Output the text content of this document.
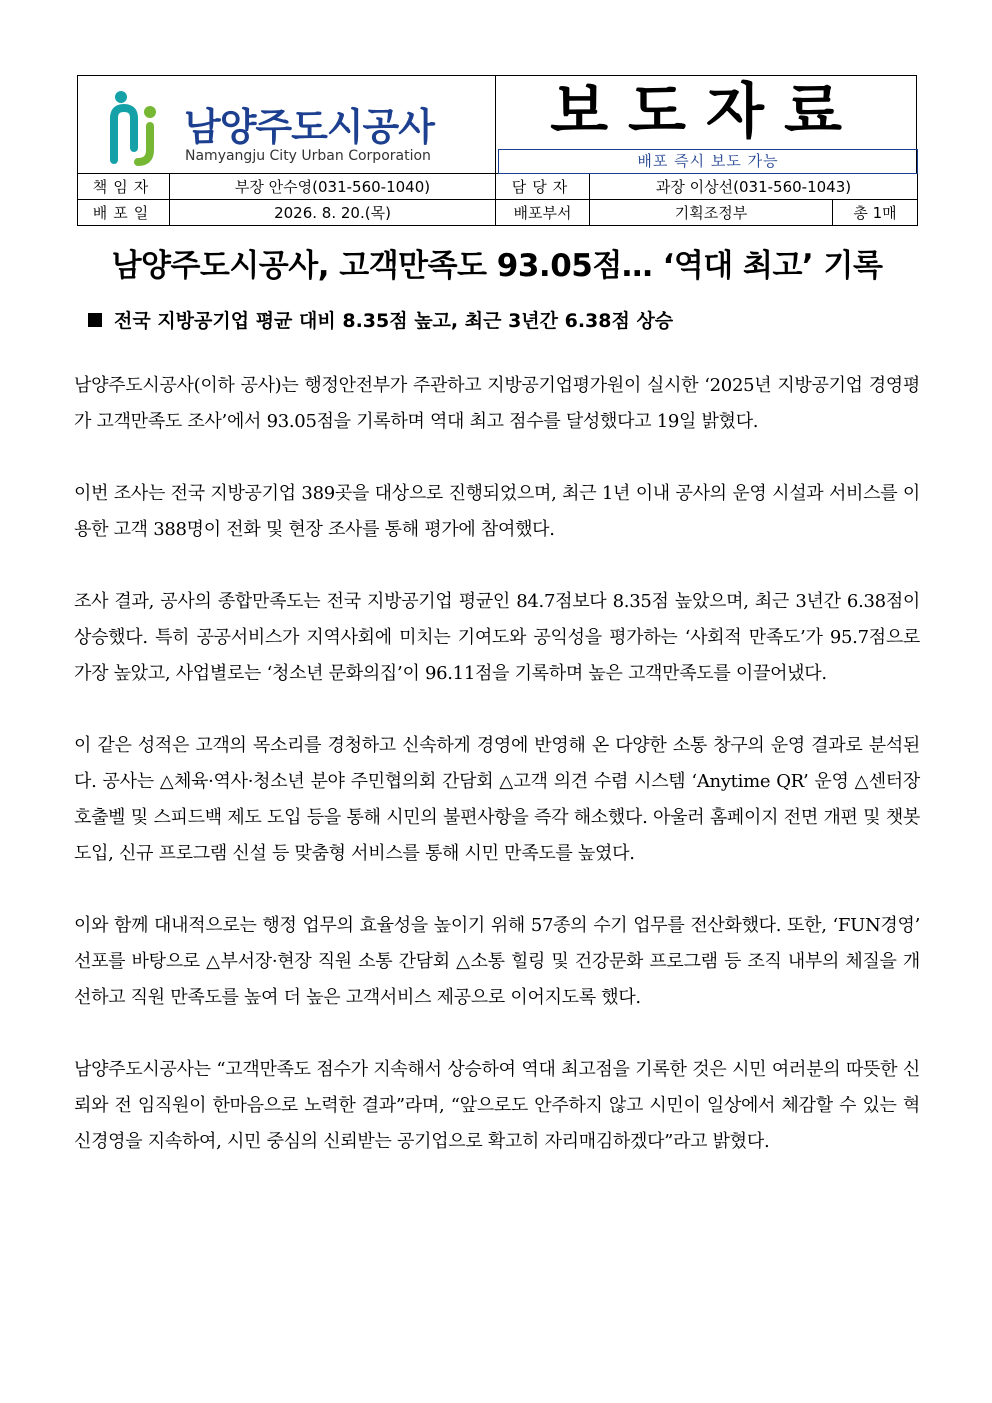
남양주도시공사
Namyangju City Urban Corporation
보도자료
배포 즉시 보도 가능
책임자	부장 안수영(031-560-1040)	담당자	과장 이상선(031-560-1043)	
배포일	2026. 8. 20.(목)	배포부서	기획조정부	총 1매
남양주도시공사, 고객만족도 93.05점… ‘역대 최고’ 기록
전국 지방공기업 평균 대비 8.35점 높고, 최근 3년간 6.38점 상승

남양주도시공사(이하 공사)는 행정안전부가 주관하고 지방공기업평가원이 실시한 ‘2025년 지방공기업 경영평가 고객만족도 조사’에서 93.05점을 기록하며 역대 최고 점수를 달성했다고 19일 밝혔다.

이번 조사는 전국 지방공기업 389곳을 대상으로 진행되었으며, 최근 1년 이내 공사의 운영 시설과 서비스를 이용한 고객 388명이 전화 및 현장 조사를 통해 평가에 참여했다.

조사 결과, 공사의 종합만족도는 전국 지방공기업 평균인 84.7점보다 8.35점 높았으며, 최근 3년간 6.38점이 상승했다. 특히 공공서비스가 지역사회에 미치는 기여도와 공익성을 평가하는 ‘사회적 만족도’가 95.7점으로 가장 높았고, 사업별로는 ‘청소년 문화의집’이 96.11점을 기록하며 높은 고객만족도를 이끌어냈다.

이 같은 성적은 고객의 목소리를 경청하고 신속하게 경영에 반영해 온 다양한 소통 창구의 운영 결과로 분석된다. 공사는 △체육·역사·청소년 분야 주민협의회 간담회 △고객 의견 수렴 시스템 ‘Anytime QR’ 운영 △센터장 호출벨 및 스피드백 제도 도입 등을 통해 시민의 불편사항을 즉각 해소했다. 아울러 홈페이지 전면 개편 및 챗봇 도입, 신규 프로그램 신설 등 맞춤형 서비스를 통해 시민 만족도를 높였다.

이와 함께 대내적으로는 행정 업무의 효율성을 높이기 위해 57종의 수기 업무를 전산화했다. 또한, ‘FUN경영’ 선포를 바탕으로 △부서장·현장 직원 소통 간담회 △소통 힐링 및 건강문화 프로그램 등 조직 내부의 체질을 개선하고 직원 만족도를 높여 더 높은 고객서비스 제공으로 이어지도록 했다.

남양주도시공사는 “고객만족도 점수가 지속해서 상승하여 역대 최고점을 기록한 것은 시민 여러분의 따뜻한 신뢰와 전 임직원이 한마음으로 노력한 결과”라며, “앞으로도 안주하지 않고 시민이 일상에서 체감할 수 있는 혁신경영을 지속하여, 시민 중심의 신뢰받는 공기업으로 확고히 자리매김하겠다”라고 밝혔다.
